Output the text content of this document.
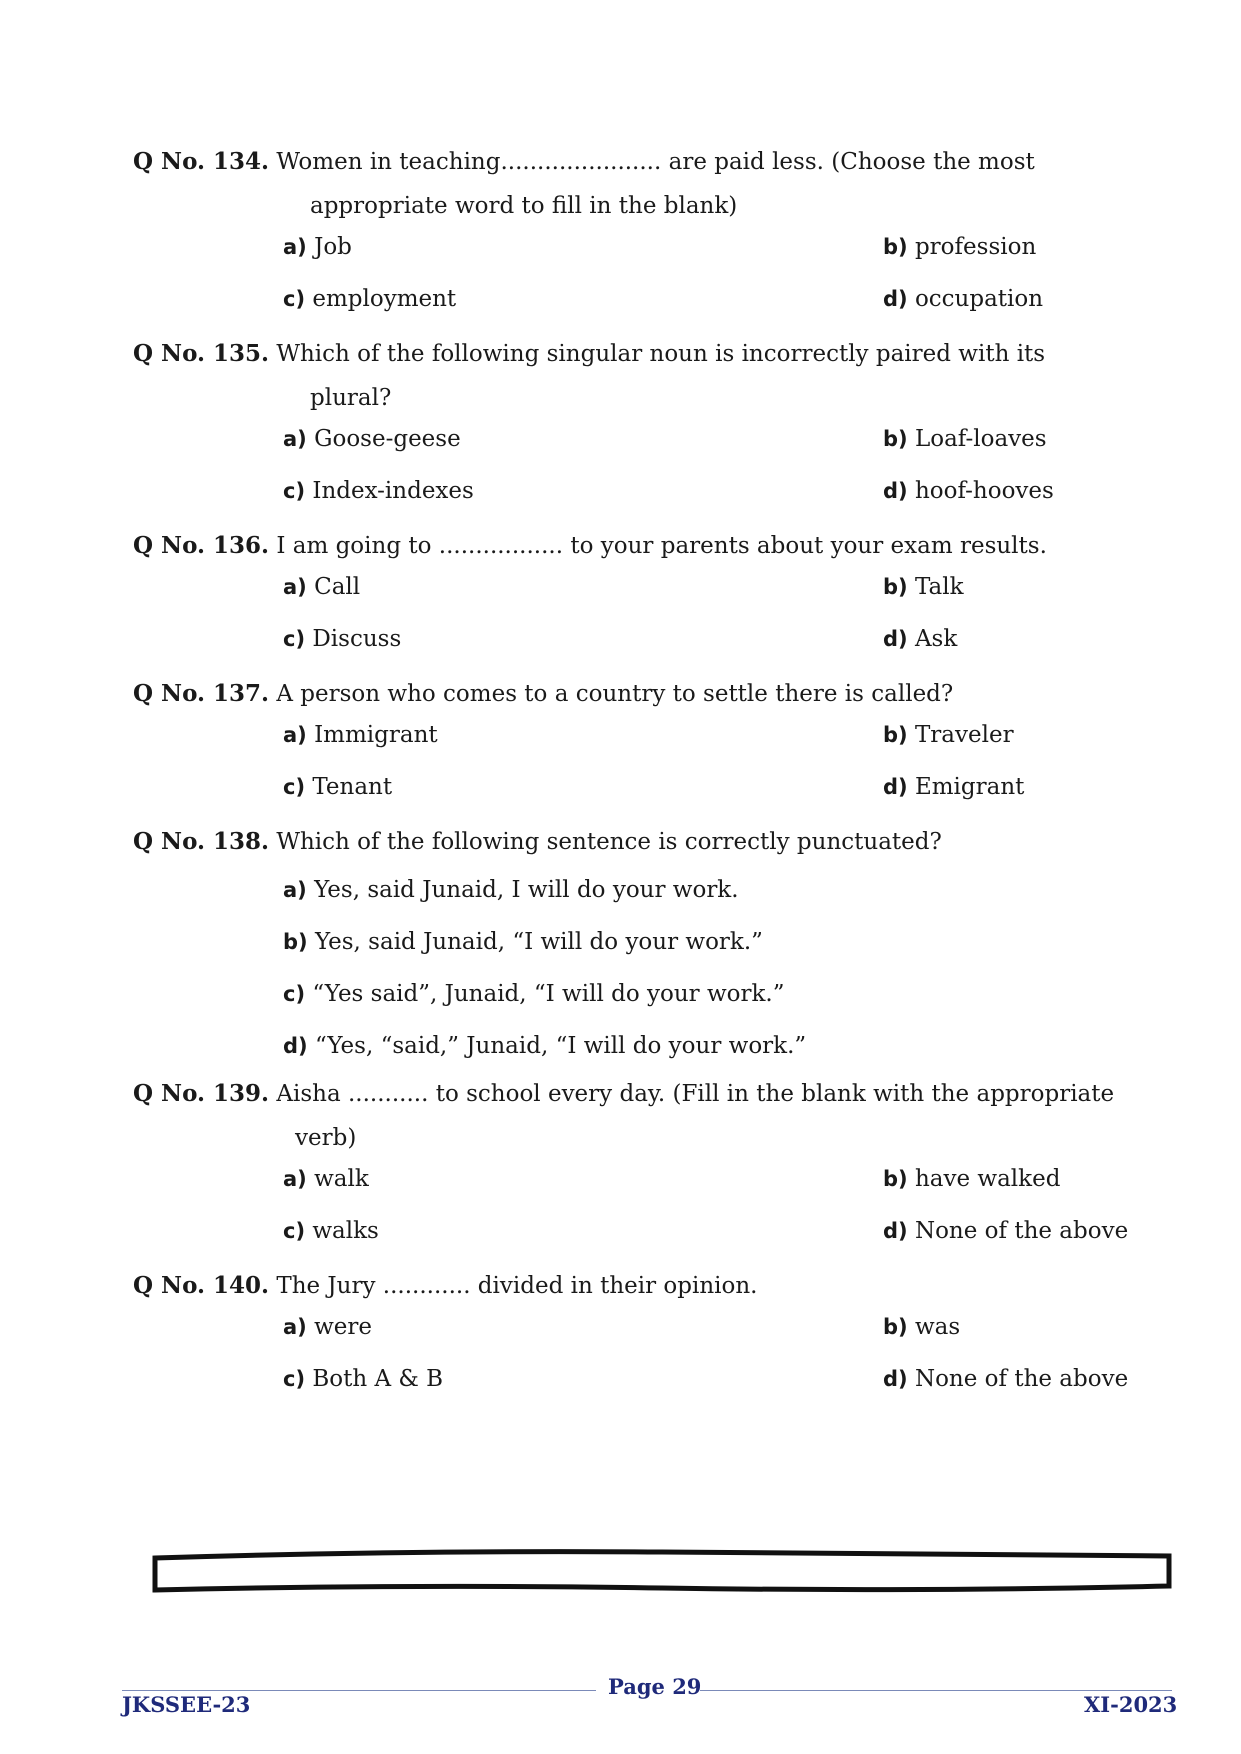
Q No. 134. Women in teaching...................... are paid less. (Choose the most
appropriate word to fill in the blank)
a) Job	b) profession
c) employment	d) occupation
Q No. 135. Which of the following singular noun is incorrectly paired with its
plural?
a) Goose-geese	b) Loaf-loaves
c) Index-indexes	d) hoof-hooves
Q No. 136. I am going to ................. to your parents about your exam results.
a) Call	b) Talk
c) Discuss	d) Ask
Q No. 137. A person who comes to a country to settle there is called?
a) Immigrant	b) Traveler
c) Tenant	d) Emigrant
Q No. 138. Which of the following sentence is correctly punctuated?
a) Yes, said Junaid, I will do your work.
b) Yes, said Junaid, “I will do your work.”
c) “Yes said”, Junaid, “I will do your work.”
d) “Yes, “said,” Junaid, “I will do your work.”
Q No. 139. Aisha ........... to school every day. (Fill in the blank with the appropriate
verb)
a) walk	b) have walked
c) walks	d) None of the above
Q No. 140. The Jury ............ divided in their opinion.
a) were	b) was
c) Both A & B	d) None of the above
JKSSEE-23
Page 29
XI-2023
